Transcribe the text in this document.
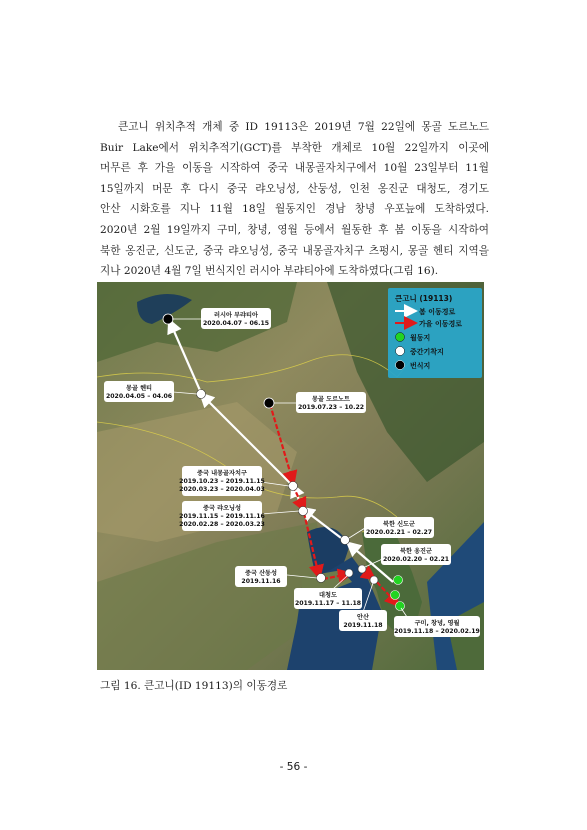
큰고니 위치추적 개체 중 ID 19113은 2019년 7월 22일에 몽골 도르노드
Buir Lake에서 위치추적기(GCT)를 부착한 개체로 10월 22일까지 이곳에
머무른 후 가을 이동을 시작하여 중국 내몽골자치구에서 10월 23일부터 11월
15일까지 머문 후 다시 중국 랴오닝성, 산둥성, 인천 옹진군 대청도, 경기도
안산 시화호를 지나 11월 18일 월동지인 경남 창녕 우포늪에 도착하였다.
2020년 2월 19일까지 구미, 창녕, 영월 등에서 월동한 후 봄 이동을 시작하여
북한 옹진군, 신도군, 중국 랴오닝성, 중국 내몽골자치구 츠펑시, 몽골 헨티 지역을
지나 2020년 4월 7일 번식지인 러시아 부랴티아에 도착하였다(그림 16).
큰고니 (19113)
봄 이동경로
가을 이동경로
월동지
중간기착지
번식지
러시아 부랴티아
2020.04.07 – 06.15
몽골 헨티
2020.04.05 – 04.06	몽골 도르노트
2019.07.23 – 10.22
중국 내몽골자치구
2019.10.23 – 2019.11.15
2020.03.23 – 2020.04.03
중국 랴오닝성
2019.11.15 – 2019.11.16
2020.02.28 – 2020.03.23	북한 신도군
2020.02.21 – 02.27
북한 옹진군
2020.02.20 – 02.21
중국 산동성
2019.11.16
대청도
2019.11.17 – 11.18
안산
2019.11.18	구미, 창녕, 영월
2019.11.18 – 2020.02.19
그림 16. 큰고니(ID 19113)의 이동경로
- 56 -
